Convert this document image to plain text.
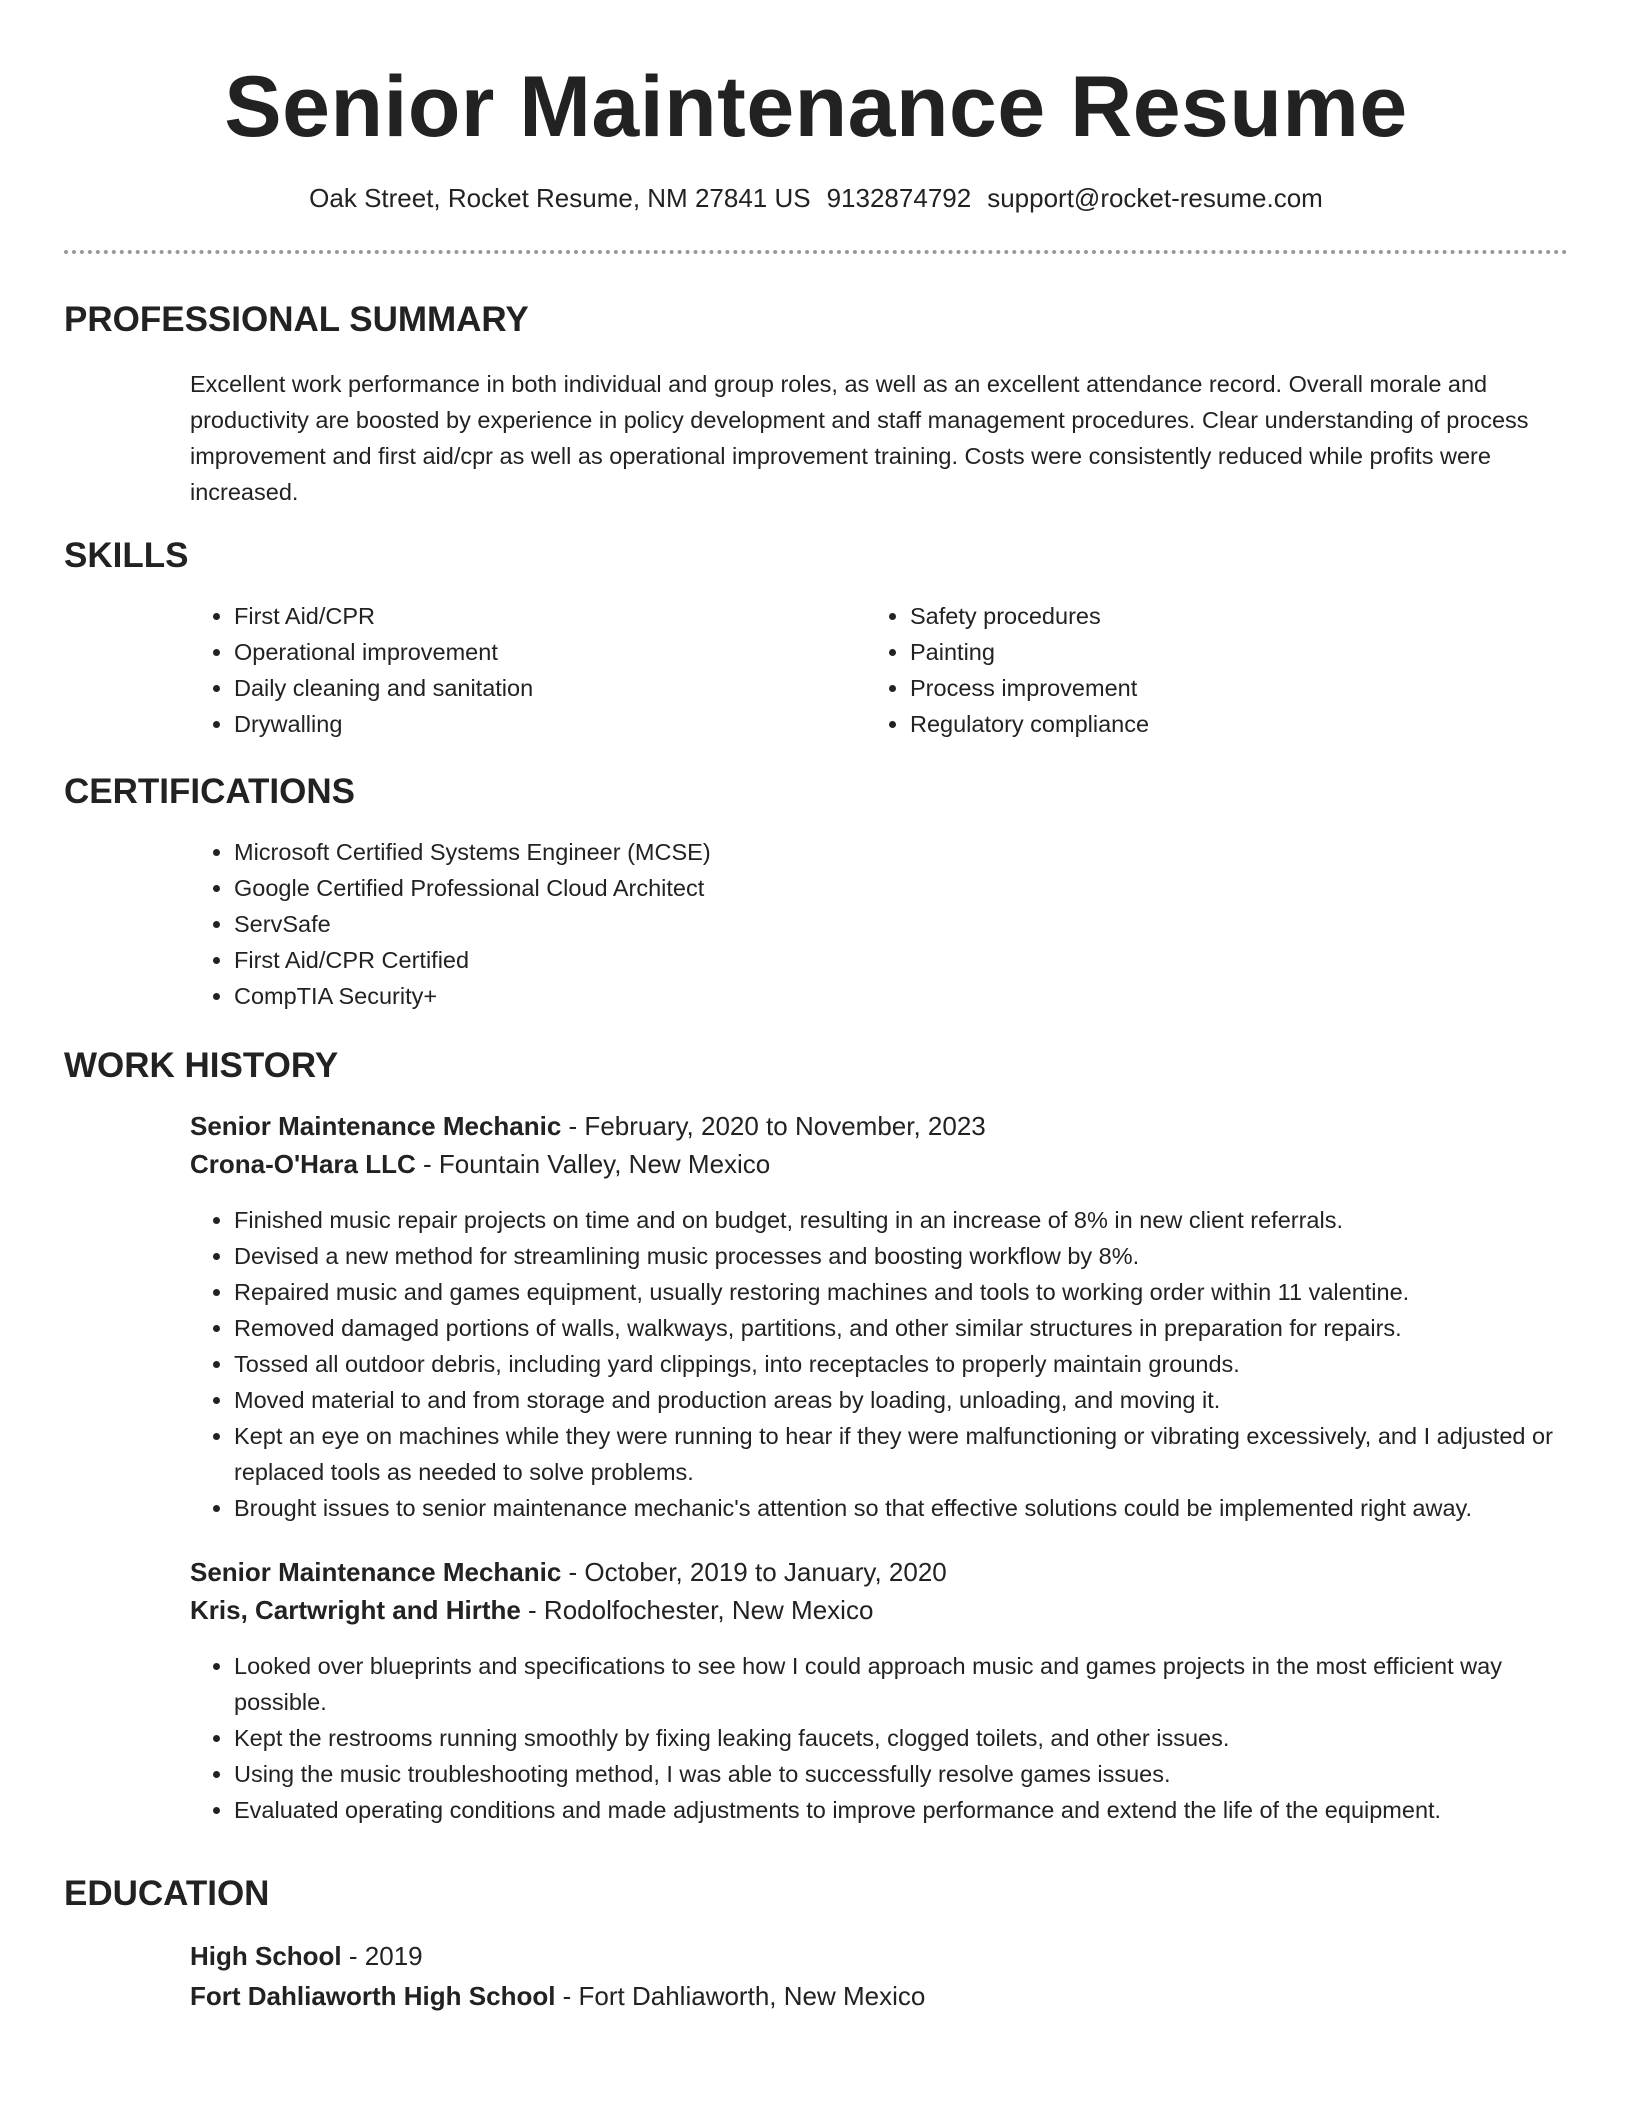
Senior Maintenance Resume
Oak Street, Rocket Resume, NM 27841 US 9132874792 support@rocket-resume.com
PROFESSIONAL SUMMARY

Excellent work performance in both individual and group roles, as well as an excellent attendance record. Overall morale and productivity are boosted by experience in policy development and staff management procedures. Clear understanding of process improvement and first aid/cpr as well as operational improvement training. Costs were consistently reduced while profits were increased.

SKILLS
• First Aid/CPR
• Operational improvement
• Daily cleaning and sanitation
• Drywalling
• Safety procedures
• Painting
• Process improvement
• Regulatory compliance
CERTIFICATIONS
• Microsoft Certified Systems Engineer (MCSE)
• Google Certified Professional Cloud Architect
• ServSafe
• First Aid/CPR Certified
• CompTIA Security+
WORK HISTORY
Senior Maintenance Mechanic - February, 2020 to November, 2023
Crona-O'Hara LLC - Fountain Valley, New Mexico
• Finished music repair projects on time and on budget, resulting in an increase of 8% in new client referrals.
• Devised a new method for streamlining music processes and boosting workflow by 8%.
• Repaired music and games equipment, usually restoring machines and tools to working order within 11 valentine.
• Removed damaged portions of walls, walkways, partitions, and other similar structures in preparation for repairs.
• Tossed all outdoor debris, including yard clippings, into receptacles to properly maintain grounds.
• Moved material to and from storage and production areas by loading, unloading, and moving it.
• Kept an eye on machines while they were running to hear if they were malfunctioning or vibrating excessively, and I adjusted or replaced tools as needed to solve problems.
• Brought issues to senior maintenance mechanic's attention so that effective solutions could be implemented right away.
Senior Maintenance Mechanic - October, 2019 to January, 2020
Kris, Cartwright and Hirthe - Rodolfochester, New Mexico
• Looked over blueprints and specifications to see how I could approach music and games projects in the most efficient way possible.
• Kept the restrooms running smoothly by fixing leaking faucets, clogged toilets, and other issues.
• Using the music troubleshooting method, I was able to successfully resolve games issues.
• Evaluated operating conditions and made adjustments to improve performance and extend the life of the equipment.
EDUCATION
High School - 2019
Fort Dahliaworth High School - Fort Dahliaworth, New Mexico
